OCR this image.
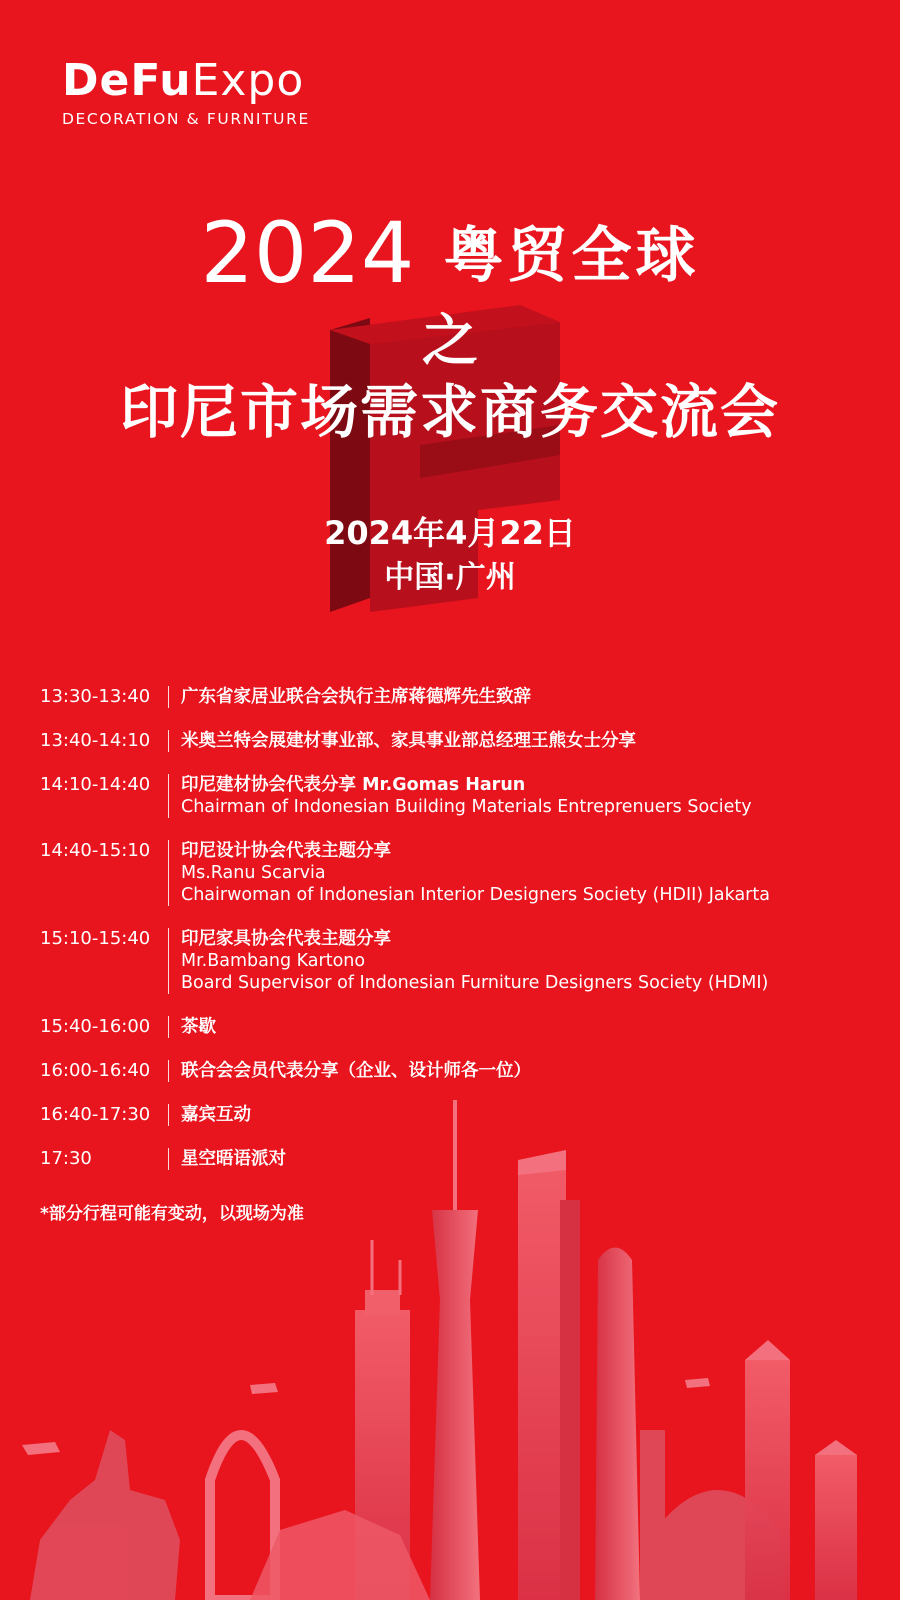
DeFuExpo
DECORATION & FURNITURE
2024 粤贸全球
之
印尼市场需求商务交流会
2024年4月22日
中国·广州
13:30-13:40	广东省家居业联合会执行主席蒋德辉先生致辞
13:40-14:10	米奥兰特会展建材事业部、家具事业部总经理王熊女士分享
14:10-14:40	印尼建材协会代表分享 Mr.Gomas Harun
Chairman of Indonesian Building Materials Entreprenuers Society
14:40-15:10	印尼设计协会代表主题分享
Ms.Ranu Scarvia
Chairwoman of Indonesian Interior Designers Society (HDII) Jakarta
15:10-15:40	印尼家具协会代表主题分享
Mr.Bambang Kartono
Board Supervisor of Indonesian Furniture Designers Society (HDMI)
15:40-16:00	茶歇
16:00-16:40	联合会会员代表分享（企业、设计师各一位）
16:40-17:30	嘉宾互动
17:30	星空晤语派对
*部分行程可能有变动，以现场为准
